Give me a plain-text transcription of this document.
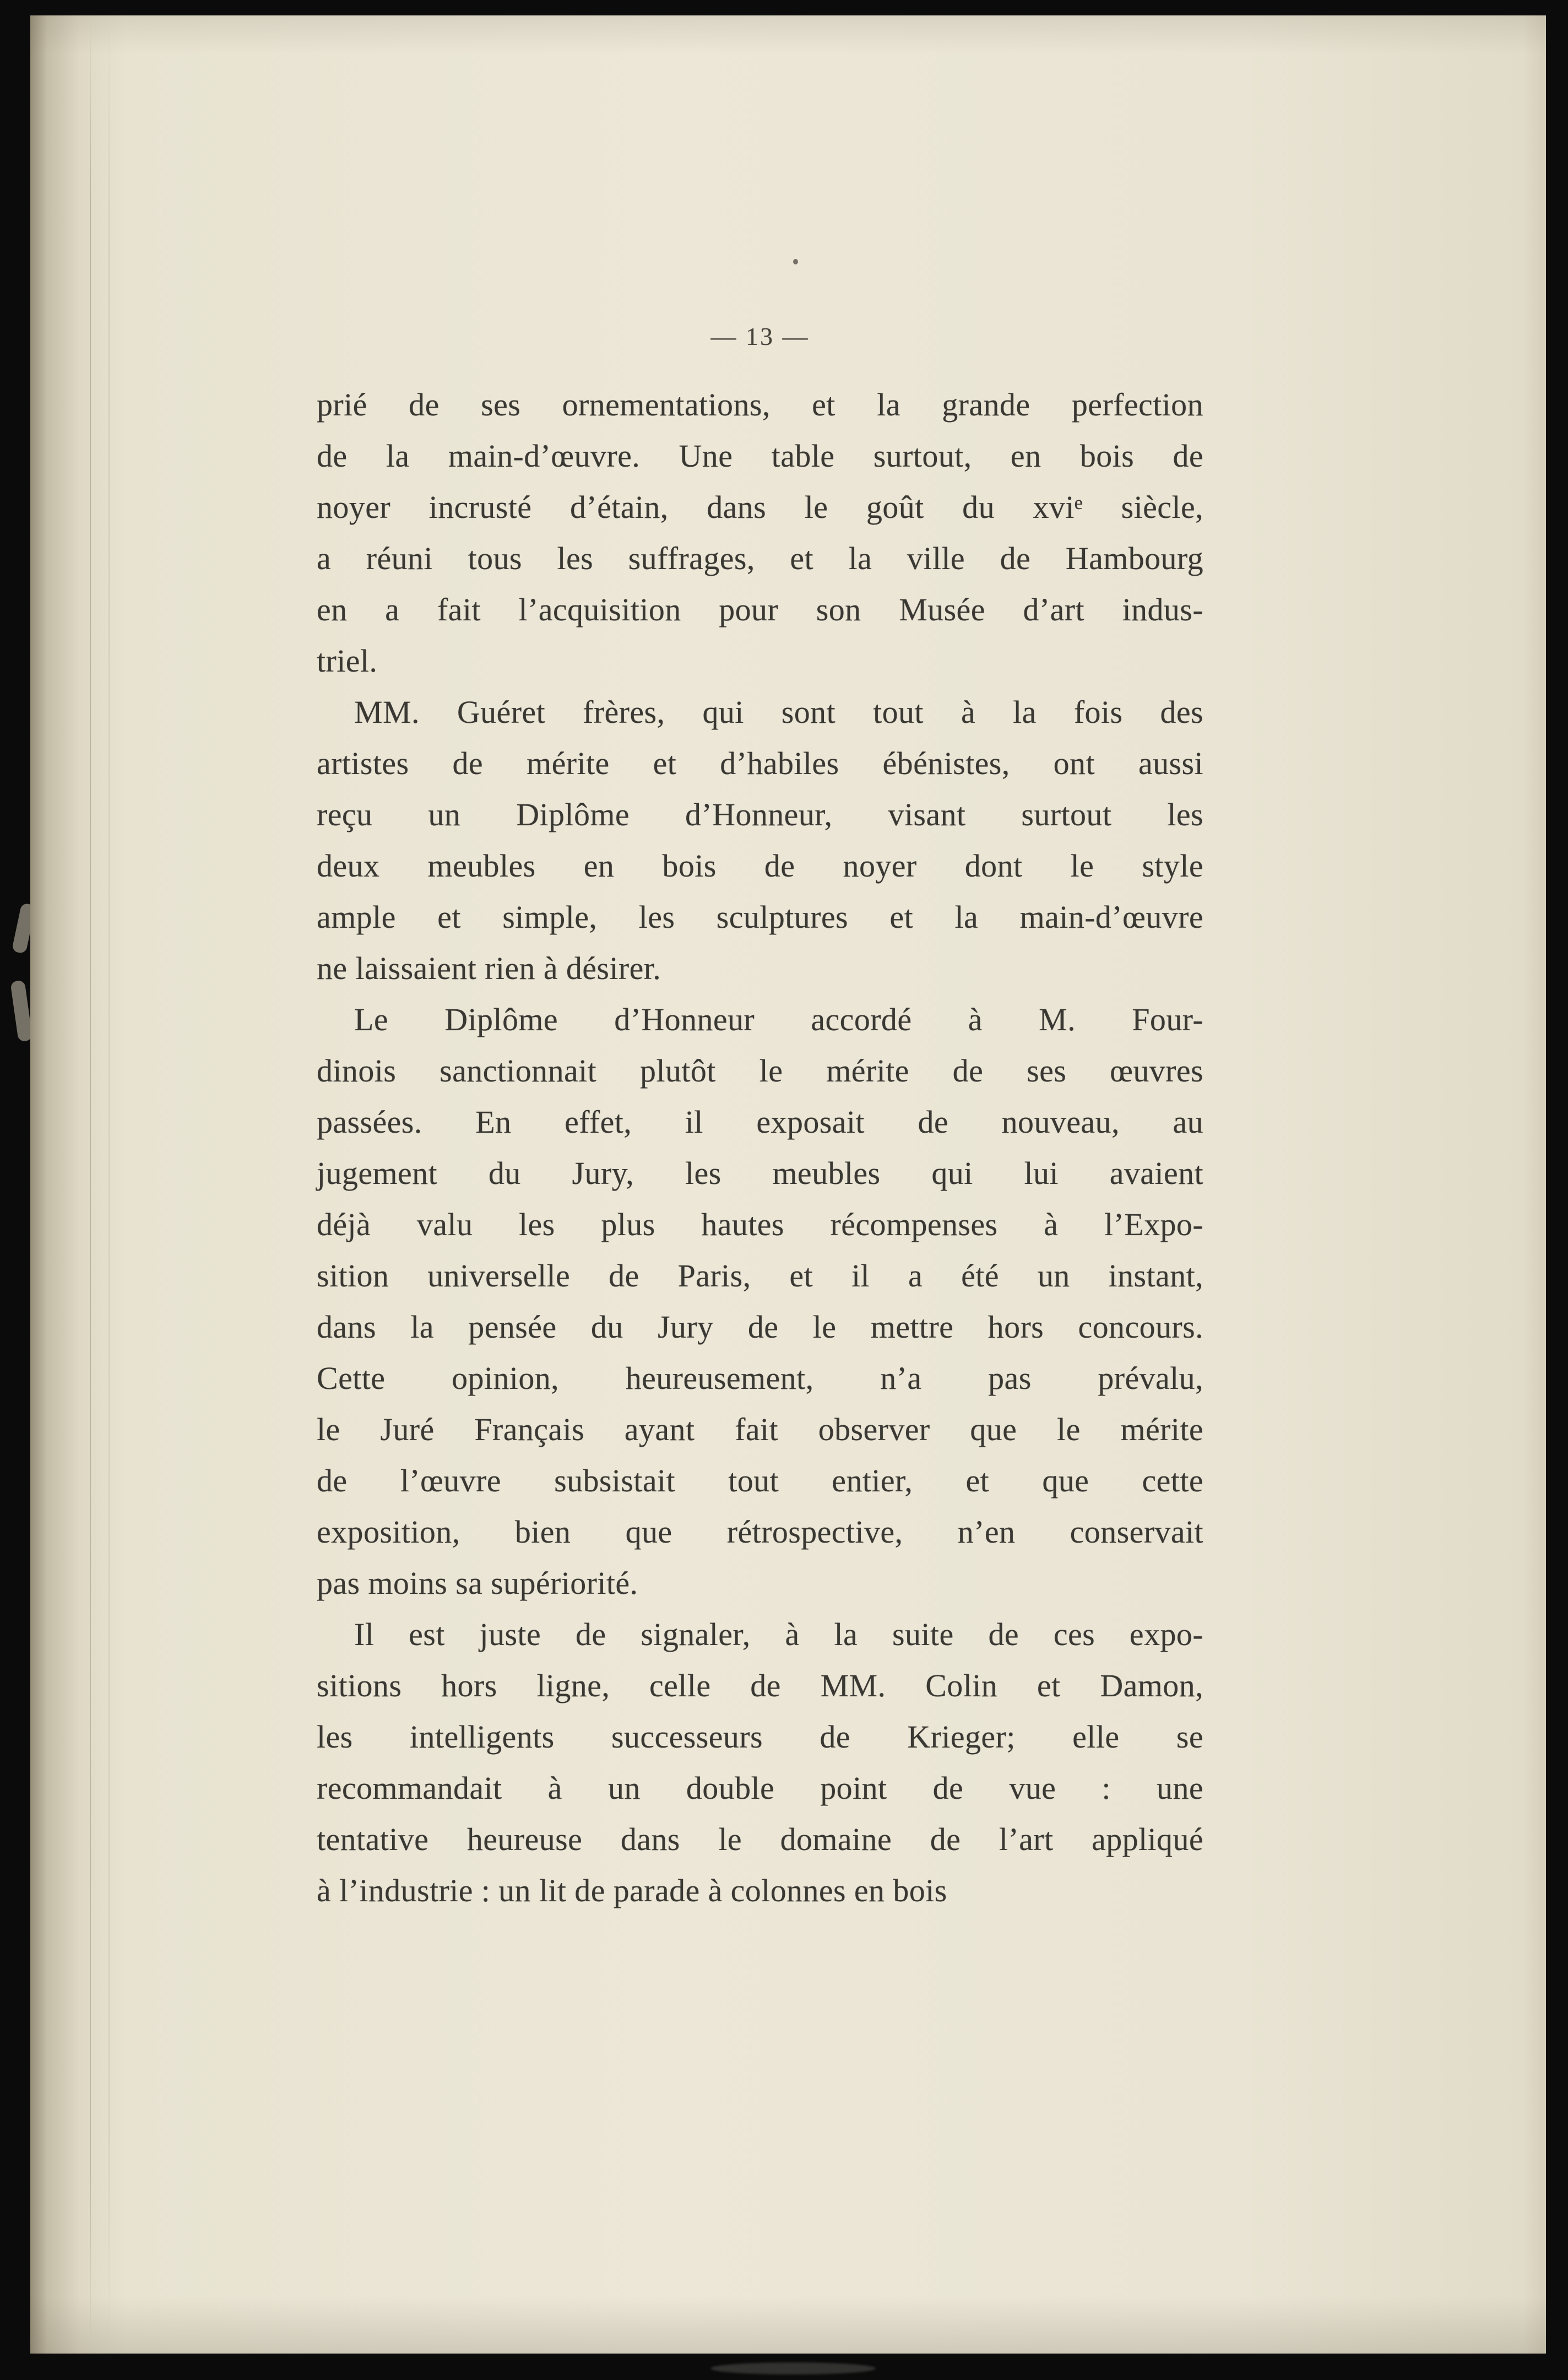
— 13 —
prié de ses ornementations, et la grande perfection
de la main-d’œuvre. Une table surtout, en bois de
noyer incrusté d’étain, dans le goût du xviᵉ siècle,
a réuni tous les suffrages, et la ville de Hambourg
en a fait l’acquisition pour son Musée d’art indus-
triel.
MM. Guéret frères, qui sont tout à la fois des
artistes de mérite et d’habiles ébénistes, ont aussi
reçu un Diplôme d’Honneur, visant surtout les
deux meubles en bois de noyer dont le style
ample et simple, les sculptures et la main-d’œuvre
ne laissaient rien à désirer.
Le Diplôme d’Honneur accordé à M. Four-
dinois sanctionnait plutôt le mérite de ses œuvres
passées. En effet, il exposait de nouveau, au
jugement du Jury, les meubles qui lui avaient
déjà valu les plus hautes récompenses à l’Expo-
sition universelle de Paris, et il a été un instant,
dans la pensée du Jury de le mettre hors concours.
Cette opinion, heureusement, n’a pas prévalu,
le Juré Français ayant fait observer que le mérite
de l’œuvre subsistait tout entier, et que cette
exposition, bien que rétrospective, n’en conservait
pas moins sa supériorité.
Il est juste de signaler, à la suite de ces expo-
sitions hors ligne, celle de MM. Colin et Damon,
les intelligents successeurs de Krieger; elle se
recommandait à un double point de vue : une
tentative heureuse dans le domaine de l’art appliqué
à l’industrie : un lit de parade à colonnes en bois
